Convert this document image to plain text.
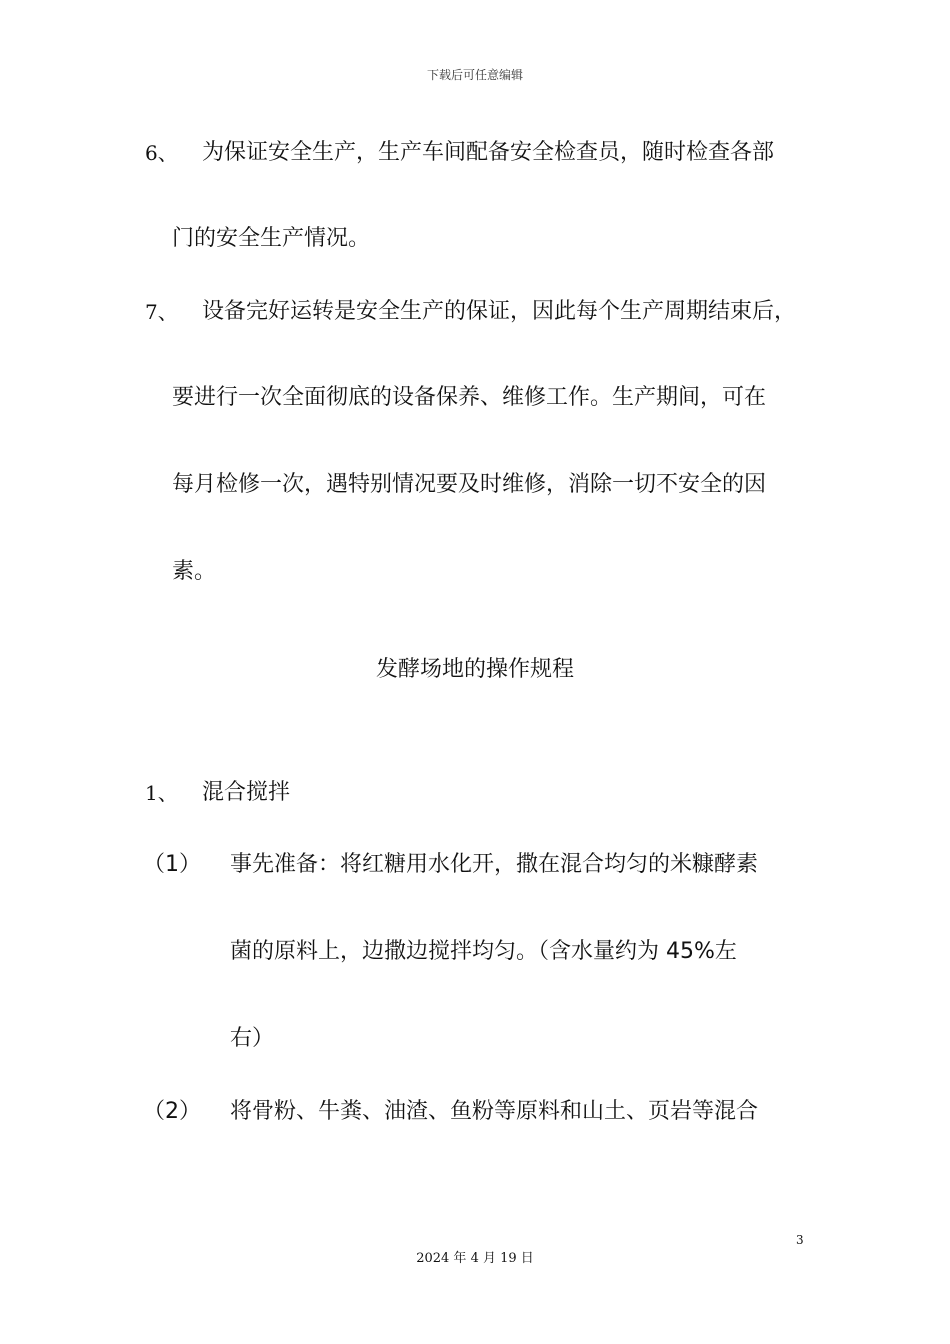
下载后可任意编辑
6、 为保证安全生产，生产车间配备安全检查员，随时检查各部
门的安全生产情况。
7、 设备完好运转是安全生产的保证，因此每个生产周期结束后，
要进行一次全面彻底的设备保养、维修工作。生产期间，可在
每月检修一次，遇特别情况要及时维修，消除一切不安全的因
素。
发酵场地的操作规程
1、 混合搅拌
（1） 事先准备：将红糖用水化开，撒在混合均匀的米糠酵素
菌的原料上，边撒边搅拌均匀。（含水量约为 45%左
右）
（2） 将骨粉、牛粪、油渣、鱼粉等原料和山土、页岩等混合
3
2024 年 4 月 19 日
